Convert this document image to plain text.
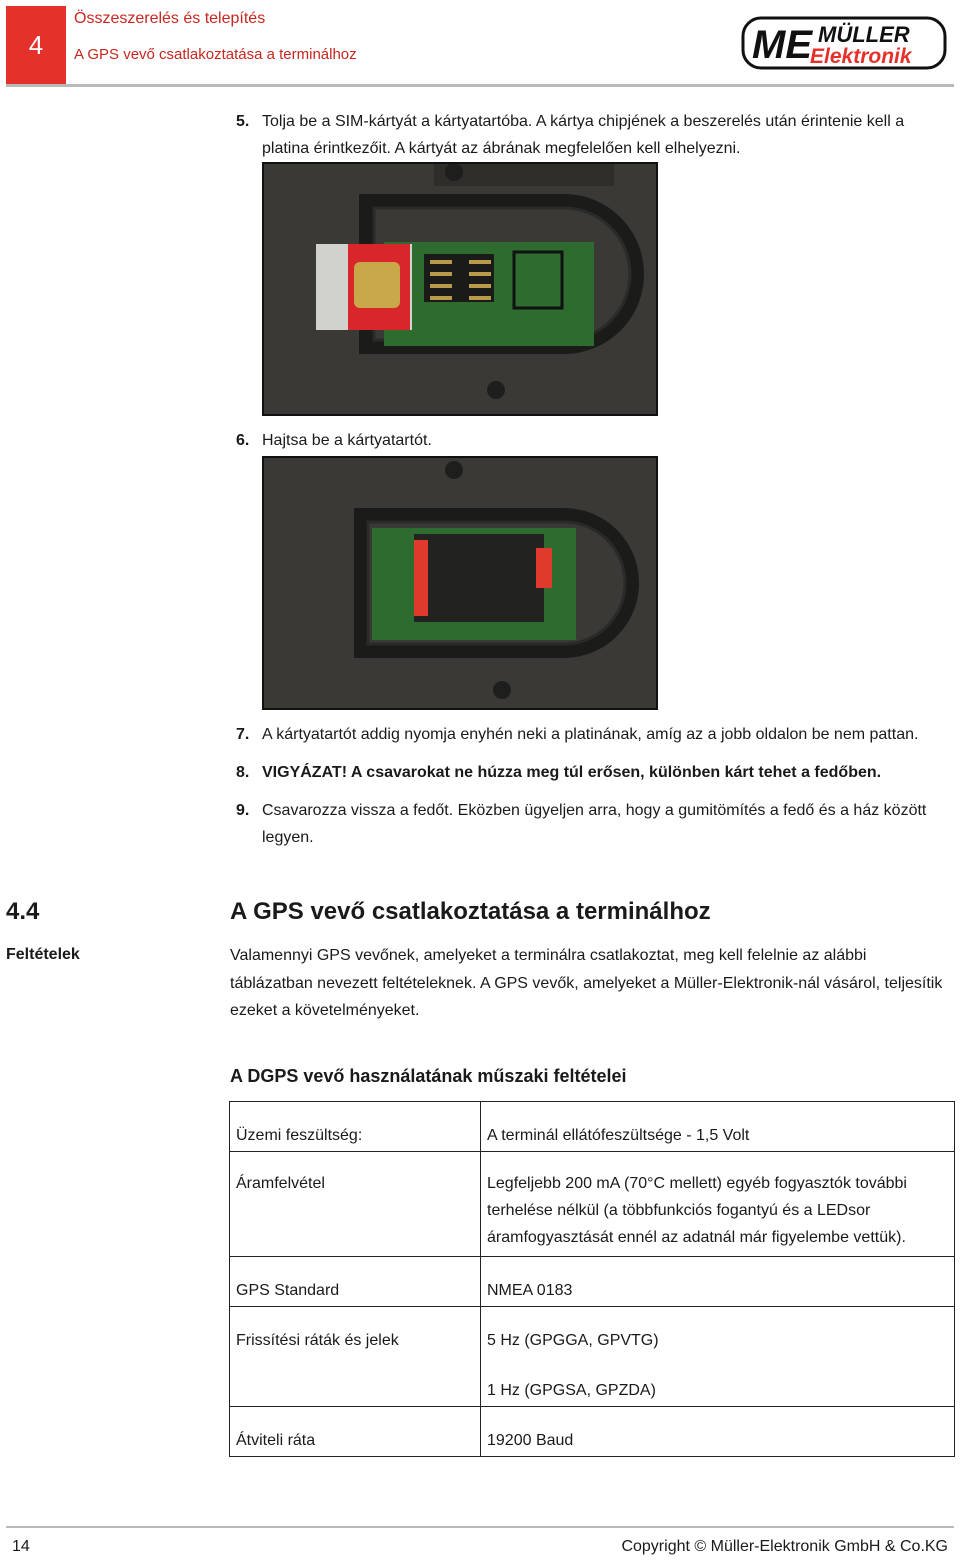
4
Összeszerelés és telepítés
A GPS vevő csatlakoztatása a terminálhoz	ME MÜLLER
Elektronik
5. Tolja be a SIM-kártyát a kártyatartóba. A kártya chipjének a beszerelés után érintenie kell a platina érintkezőit. A kártyát az ábrának megfelelően kell elhelyezni.
6. Hajtsa be a kártyatartót.
7. A kártyatartót addig nyomja enyhén neki a platinának, amíg az a jobb oldalon be nem pattan.
8. VIGYÁZAT! A csavarokat ne húzza meg túl erősen, különben kárt tehet a fedőben.
9. Csavarozza vissza a fedőt. Eközben ügyeljen arra, hogy a gumitömítés a fedő és a ház között legyen.
4.4	A GPS vevő csatlakoztatása a terminálhoz
Feltételek	Valamennyi GPS vevőnek, amelyeket a terminálra csatlakoztat, meg kell felelnie az alábbi táblázatban nevezett feltételeknek. A GPS vevők, amelyeket a Müller-Elektronik-nál vásárol, teljesítik ezeket a követelményeket.
A DGPS vevő használatának műszaki feltételei
Üzemi feszültség:	A terminál ellátófeszültsége - 1,5 Volt
Áramfelvétel	Legfeljebb 200 mA (70°C mellett) egyéb fogyasztók további terhelése nélkül (a többfunkciós fogantyú és a LEDsor áramfogyasztását ennél az adatnál már figyelembe vettük).
GPS Standard	NMEA 0183
Frissítési ráták és jelek	5 Hz (GPGGA, GPVTG)
1 Hz (GPGSA, GPZDA)

Átviteli ráta	19200 Baud
14	Copyright © Müller-Elektronik GmbH & Co.KG
